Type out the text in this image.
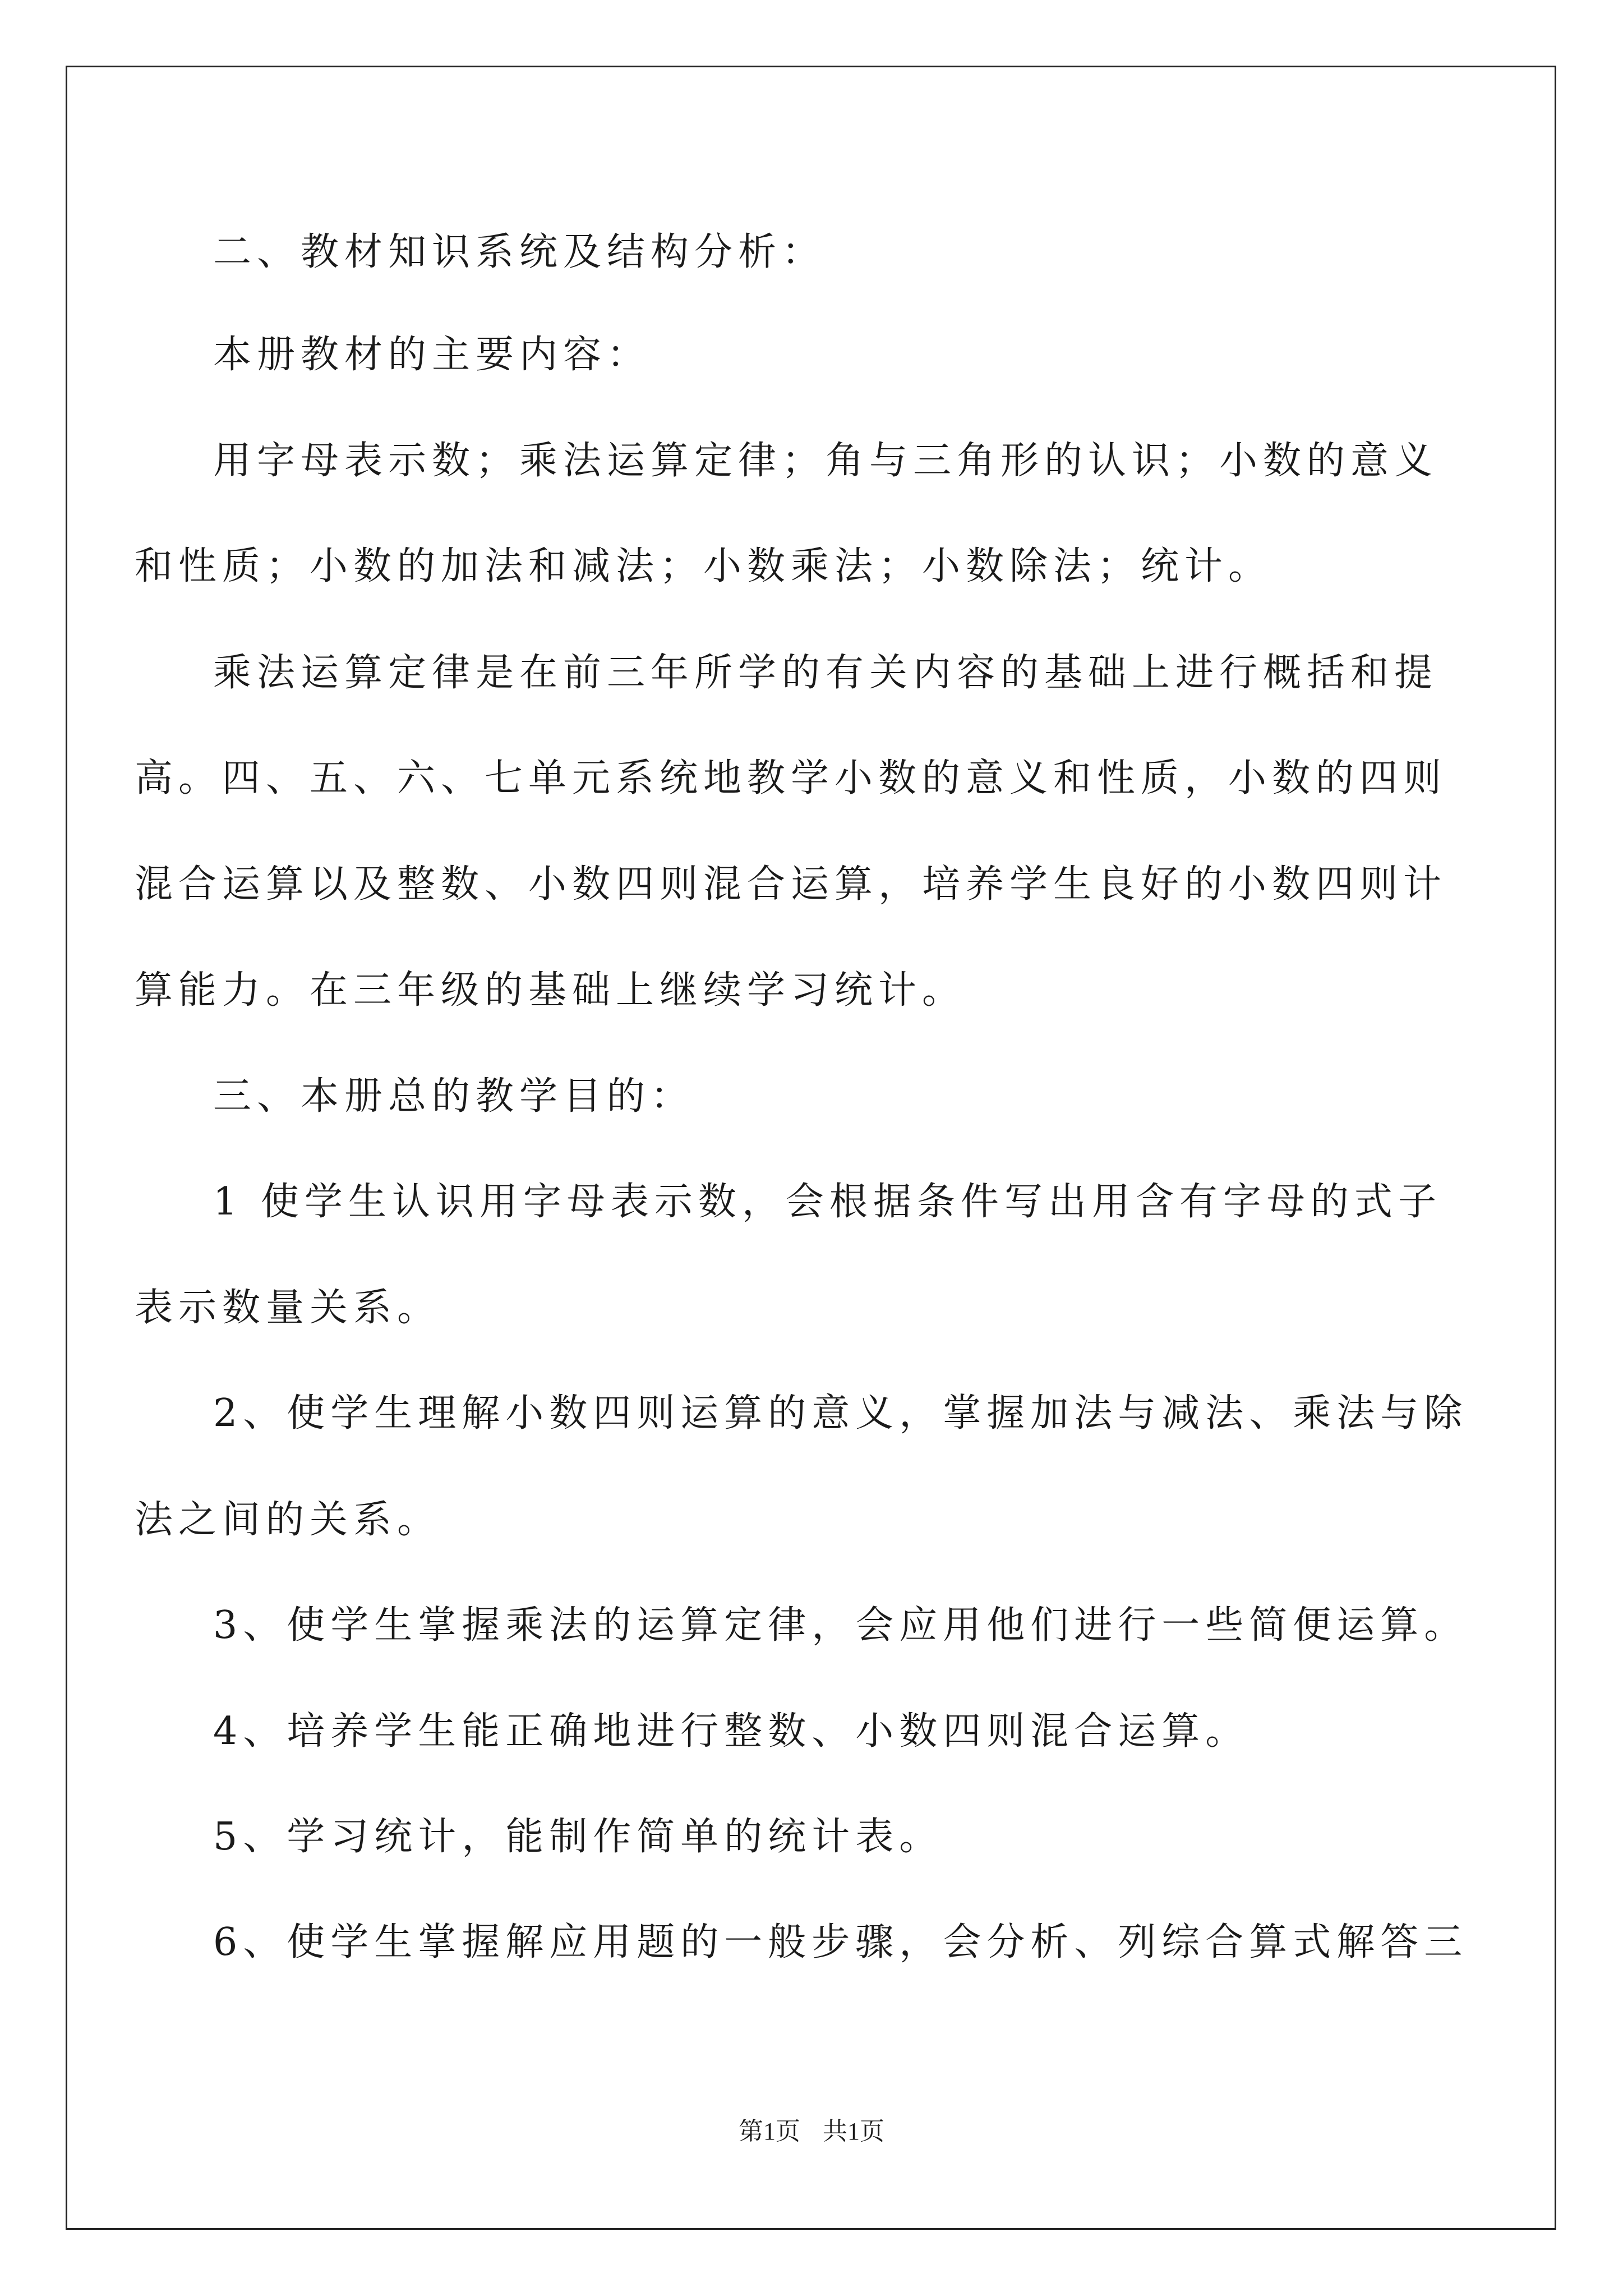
二、教材知识系统及结构分析：
本册教材的主要内容：
用字母表示数；乘法运算定律；角与三角形的认识；小数的意义
和性质；小数的加法和减法；小数乘法；小数除法；统计。
乘法运算定律是在前三年所学的有关内容的基础上进行概括和提
高。四、五、六、七单元系统地教学小数的意义和性质，小数的四则
混合运算以及整数、小数四则混合运算，培养学生良好的小数四则计
算能力。在三年级的基础上继续学习统计。
三、本册总的教学目的：
1 使学生认识用字母表示数，会根据条件写出用含有字母的式子
表示数量关系。
2、使学生理解小数四则运算的意义，掌握加法与减法、乘法与除
法之间的关系。
3、使学生掌握乘法的运算定律，会应用他们进行一些简便运算。
4、培养学生能正确地进行整数、小数四则混合运算。
5、学习统计，能制作简单的统计表。
6、使学生掌握解应用题的一般步骤，会分析、列综合算式解答三
第1页 共1页
